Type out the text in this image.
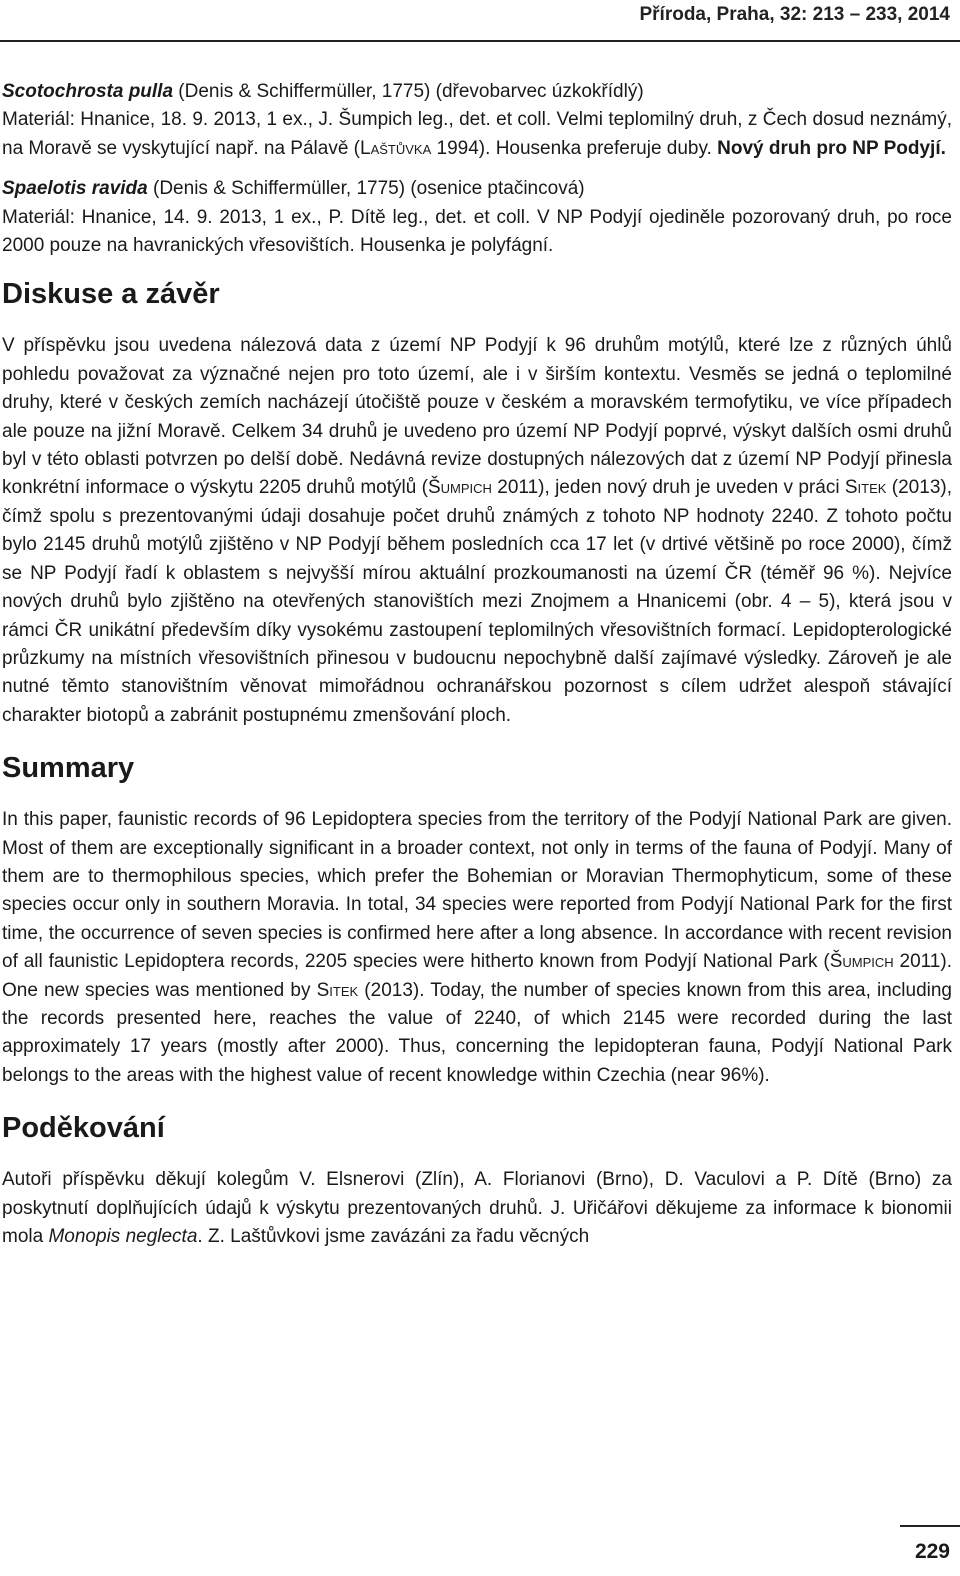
Příroda, Praha, 32: 213 – 233, 2014

Scotochrosta pulla (Denis & Schiffermüller, 1775) (dřevobarvec úzkokřídlý)
Materiál: Hnanice, 18. 9. 2013, 1 ex., J. Šumpich leg., det. et coll. Velmi teplomilný druh, z Čech dosud neznámý, na Moravě se vyskytující např. na Pálavě (Laštůvka 1994). Housenka preferuje duby. Nový druh pro NP Podyjí.

Spaelotis ravida (Denis & Schiffermüller, 1775) (osenice ptačincová)
Materiál: Hnanice, 14. 9. 2013, 1 ex., P. Dítě leg., det. et coll. V NP Podyjí ojediněle pozorovaný druh, po roce 2000 pouze na havranických vřesovištích. Housenka je polyfágní.

Diskuse a závěr

V příspěvku jsou uvedena nálezová data z území NP Podyjí k 96 druhům motýlů, které lze z různých úhlů pohledu považovat za význačné nejen pro toto území, ale i v širším kontextu. Vesměs se jedná o teplomilné druhy, které v českých zemích nacházejí útočiště pouze v českém a moravském termofytiku, ve více případech ale pouze na jižní Moravě. Celkem 34 druhů je uvedeno pro území NP Podyjí poprvé, výskyt dalších osmi druhů byl v této oblasti potvrzen po delší době. Nedávná revize dostupných nálezových dat z území NP Podyjí přinesla konkrétní informace o výskytu 2205 druhů motýlů (Šumpich 2011), jeden nový druh je uveden v práci Sitek (2013), čímž spolu s prezentovanými údaji dosahuje počet druhů známých z tohoto NP hodnoty 2240. Z tohoto počtu bylo 2145 druhů motýlů zjištěno v NP Podyjí během posledních cca 17 let (v drtivé většině po roce 2000), čímž se NP Podyjí řadí k oblastem s nejvyšší mírou aktuální prozkoumanosti na území ČR (téměř 96 %). Nejvíce nových druhů bylo zjištěno na otevřených stanovištích mezi Znojmem a Hnanicemi (obr. 4 – 5), která jsou v rámci ČR unikátní především díky vysokému zastoupení teplomilných vřesovištních formací. Lepidopterologické průzkumy na místních vřesovištních přinesou v budoucnu nepochybně další zajímavé výsledky. Zároveň je ale nutné těmto stanovištním věnovat mimořádnou ochranářskou pozornost s cílem udržet alespoň stávající charakter biotopů a zabránit postupnému zmenšování ploch.

Summary

In this paper, faunistic records of 96 Lepidoptera species from the territory of the Podyjí National Park are given. Most of them are exceptionally significant in a broader context, not only in terms of the fauna of Podyjí. Many of them are to thermophilous species, which prefer the Bohemian or Moravian Thermophyticum, some of these species occur only in southern Moravia. In total, 34 species were reported from Podyjí National Park for the first time, the occurrence of seven species is confirmed here after a long absence. In accordance with recent revision of all faunistic Lepidoptera records, 2205 species were hitherto known from Podyjí National Park (Šumpich 2011). One new species was mentioned by Sitek (2013). Today, the number of species known from this area, including the records presented here, reaches the value of 2240, of which 2145 were recorded during the last approximately 17 years (mostly after 2000). Thus, concerning the lepidopteran fauna, Podyjí National Park belongs to the areas with the highest value of recent knowledge within Czechia (near 96%).

Poděkování

Autoři příspěvku děkují kolegům V. Elsnerovi (Zlín), A. Florianovi (Brno), D. Vaculovi a P. Dítě (Brno) za poskytnutí doplňujících údajů k výskytu prezentovaných druhů. J. Uřičářovi děkujeme za informace k bionomii mola Monopis neglecta. Z. Laštůvkovi jsme zavázáni za řadu věcných

229
